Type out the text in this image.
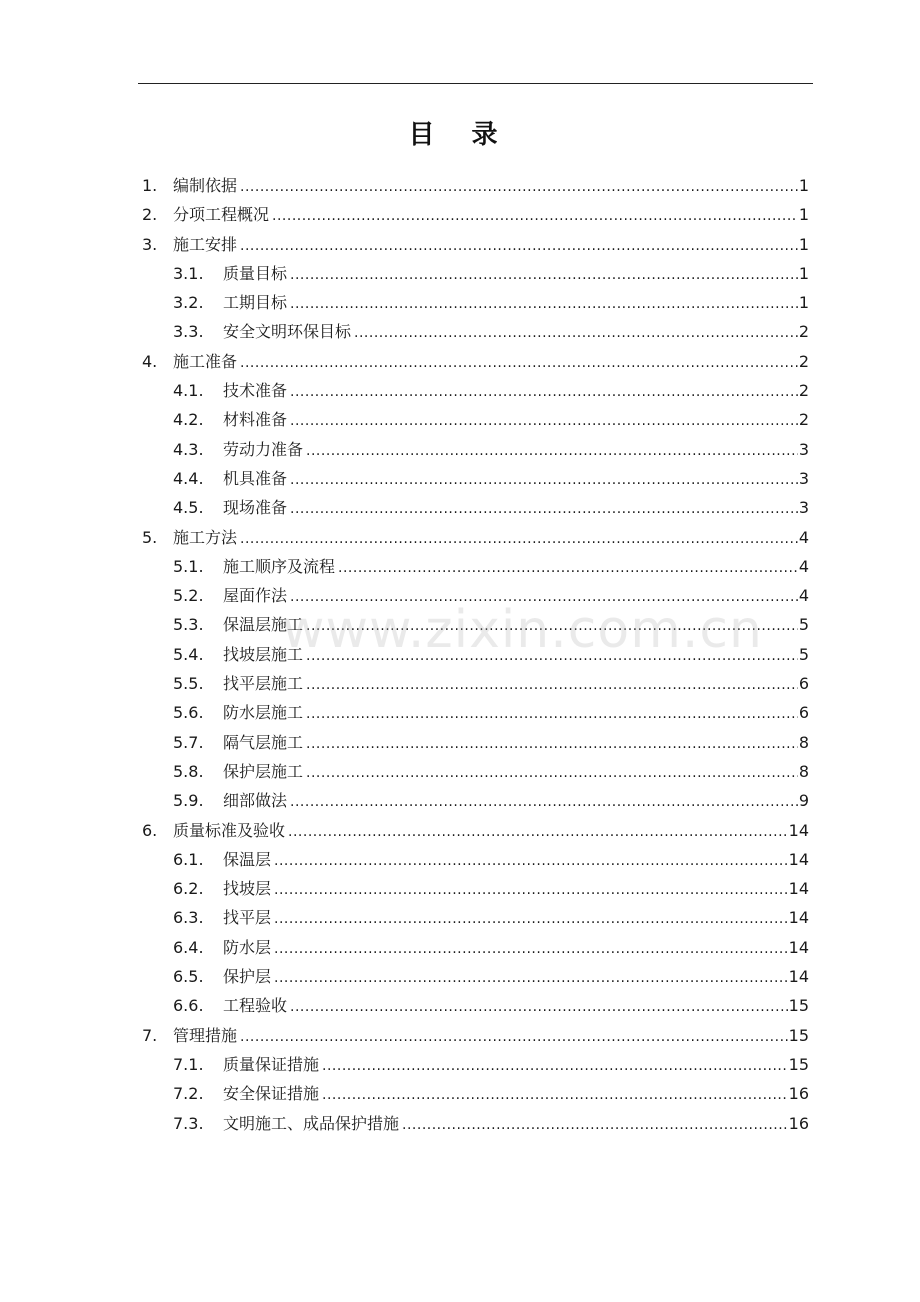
目 录
1. 编制依据 .....	1
2. 分项工程概况 .....	1
3. 施工安排 .....	1
3.1.	质量目标 .....	1
3.2.	工期目标 .....	1
3.3.	安全文明环保目标 .....	2
4. 施工准备 .....	2
4.1.	技术准备 .....	2
4.2.	材料准备 .....	2
4.3.	劳动力准备 .....	3
4.4.	机具准备 .....	3
4.5.	现场准备 .....	3
5. 施工方法 .....	4
5.1.	施工顺序及流程 .....	4
5.2.	屋面作法 .....	4
5.3.	保温层施工 .....	5
5.4.	找坡层施工 .....	5
5.5.	找平层施工 .....	6
5.6.	防水层施工 .....	6
5.7.	隔气层施工 .....	8
5.8.	保护层施工 .....	8
5.9.	细部做法 .....	9
6. 质量标准及验收 .....	14
6.1.	保温层 .....	14
6.2.	找坡层 .....	14
6.3.	找平层 .....	14
6.4.	防水层 .....	14
6.5.	保护层 .....	14
6.6.	工程验收 .....	15
7. 管理措施 .....	15
7.1.	质量保证措施 .....	15
7.2.	安全保证措施 .....	16
7.3.	文明施工、成品保护措施 .....	16
www.zixin.com.cn
